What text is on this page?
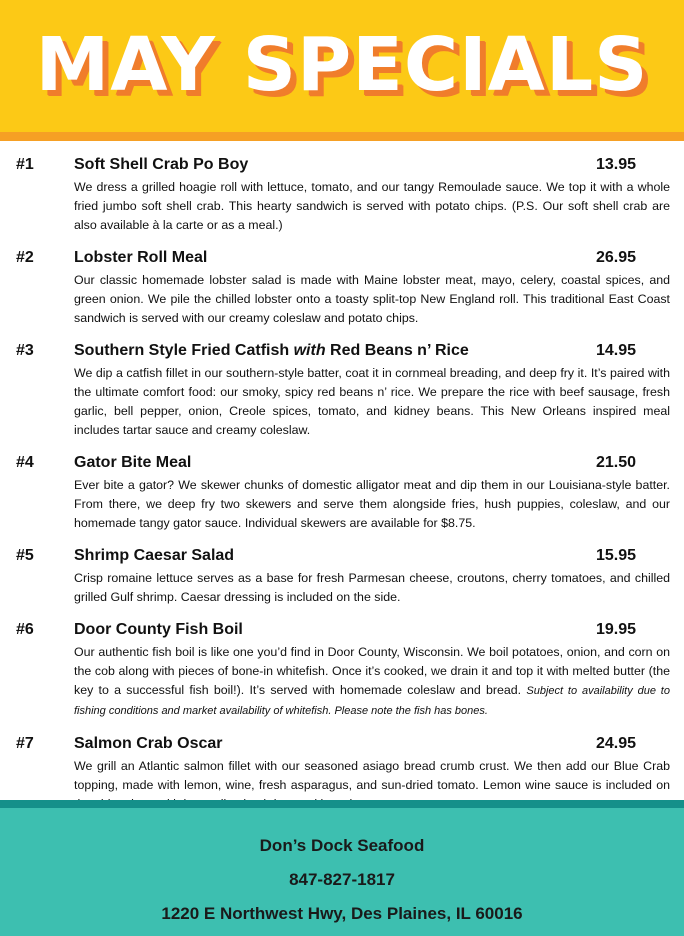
MAY SPECIALS
#1	Soft Shell Crab Po Boy	13.95
We dress a grilled hoagie roll with lettuce, tomato, and our tangy Remoulade sauce. We top it with a whole fried jumbo soft shell crab. This hearty sandwich is served with potato chips. (P.S. Our soft shell crab are also available à la carte or as a meal.)
#2	Lobster Roll Meal	26.95
Our classic homemade lobster salad is made with Maine lobster meat, mayo, celery, coastal spices, and green onion. We pile the chilled lobster onto a toasty split-top New England roll. This traditional East Coast sandwich is served with our creamy coleslaw and potato chips.
#3	Southern Style Fried Catfish with Red Beans n’ Rice	14.95
We dip a catfish fillet in our southern-style batter, coat it in cornmeal breading, and deep fry it. It’s paired with the ultimate comfort food: our smoky, spicy red beans n’ rice. We prepare the rice with beef sausage, fresh garlic, bell pepper, onion, Creole spices, tomato, and kidney beans. This New Orleans inspired meal includes tartar sauce and creamy coleslaw.
#4	Gator Bite Meal	21.50
Ever bite a gator? We skewer chunks of domestic alligator meat and dip them in our Louisiana-style batter. From there, we deep fry two skewers and serve them alongside fries, hush puppies, coleslaw, and our homemade tangy gator sauce. Individual skewers are available for $8.75.
#5	Shrimp Caesar Salad	15.95
Crisp romaine lettuce serves as a base for fresh Parmesan cheese, croutons, cherry tomatoes, and chilled grilled Gulf shrimp. Caesar dressing is included on the side.
#6	Door County Fish Boil	19.95
Our authentic fish boil is like one you’d find in Door County, Wisconsin. We boil potatoes, onion, and corn on the cob along with pieces of bone-in whitefish. Once it’s cooked, we drain it and top it with melted butter (the key to a successful fish boil!). It’s served with homemade coleslaw and bread. Subject to availability due to fishing conditions and market availability of whitefish. Please note the fish has bones.
#7	Salmon Crab Oscar	24.95
We grill an Atlantic salmon fillet with our seasoned asiago bread crumb crust. We then add our Blue Crab topping, made with lemon, wine, fresh asparagus, and sun-dried tomato. Lemon wine sauce is included on
Don’s Dock Seafood
847-827-1817
1220 E Northwest Hwy, Des Plaines, IL 60016
